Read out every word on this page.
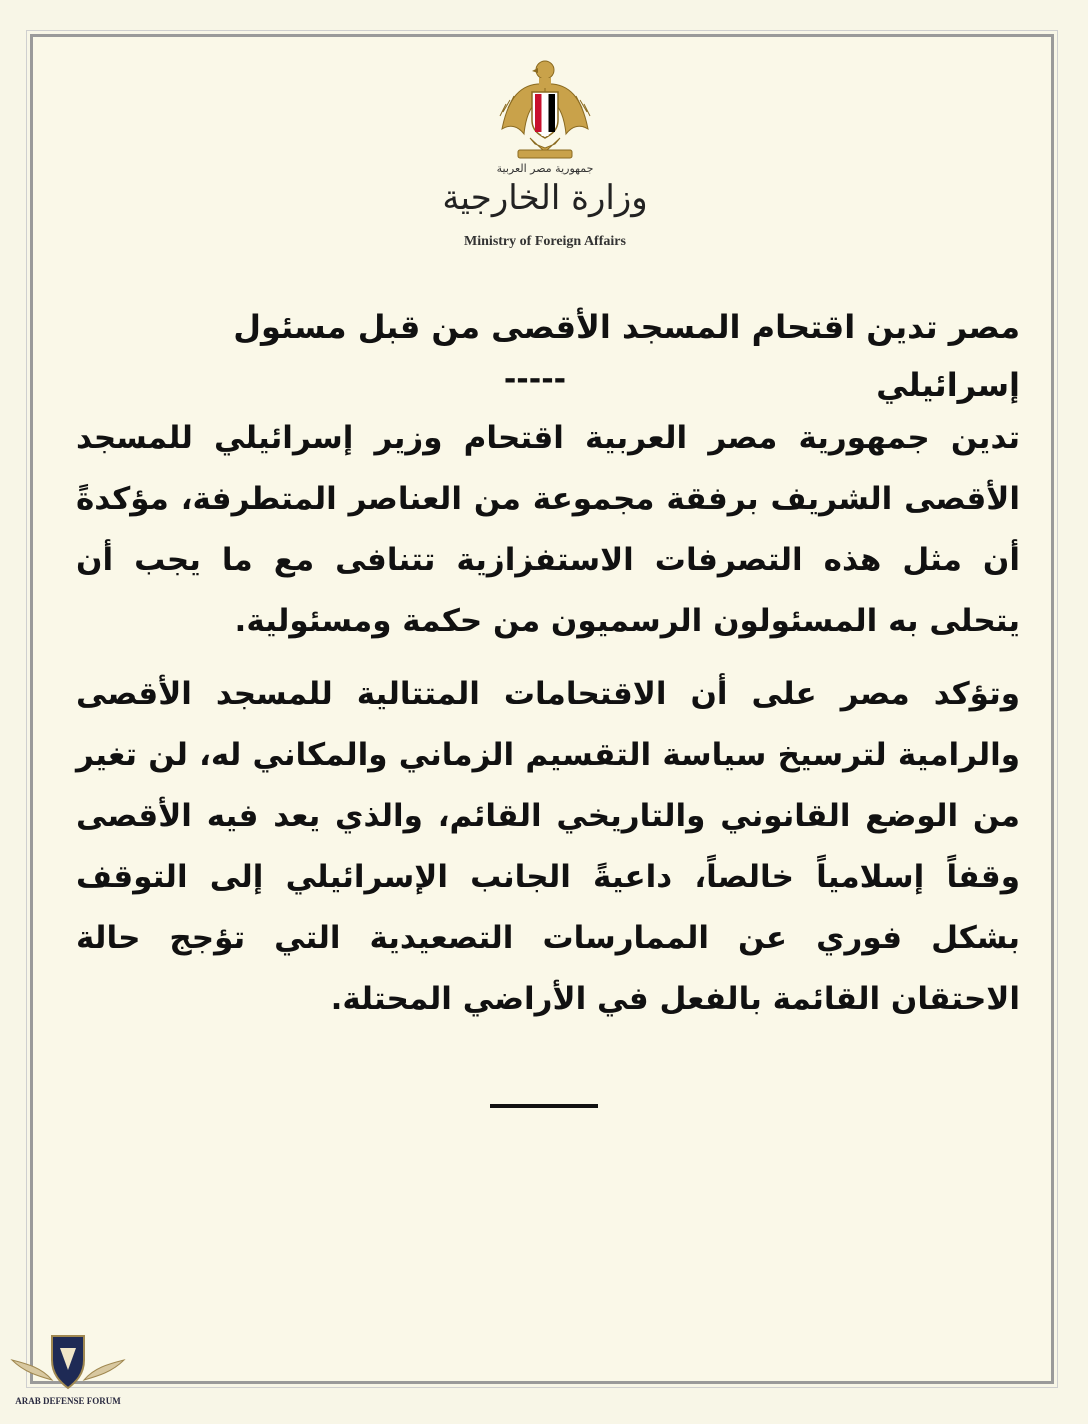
جمهورية مصر العربية
وزارة الخارجية
Ministry of Foreign Affairs
مصر تدين اقتحام المسجد الأقصى من قبل مسئول إسرائيلي
-----

تدين جمهورية مصر العربية اقتحام وزير إسرائيلي للمسجد الأقصى الشريف برفقة مجموعة من العناصر المتطرفة، مؤكدةً أن مثل هذه التصرفات الاستفزازية تتنافى مع ما يجب أن يتحلى به المسئولون الرسميون من حكمة ومسئولية.

وتؤكد مصر على أن الاقتحامات المتتالية للمسجد الأقصى والرامية لترسيخ سياسة التقسيم الزماني والمكاني له، لن تغير من الوضع القانوني والتاريخي القائم، والذي يعد فيه الأقصى وقفاً إسلامياً خالصاً، داعيةً الجانب الإسرائيلي إلى التوقف بشكل فوري عن الممارسات التصعيدية التي تؤجج حالة الاحتقان القائمة بالفعل في الأراضي المحتلة.

ARAB DEFENSE FORUM
